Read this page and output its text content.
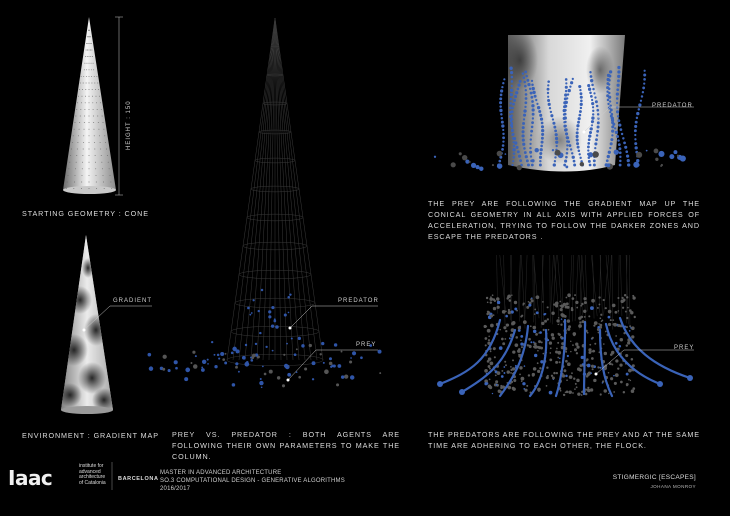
HEIGHT : 150
STARTING GEOMETRY : CONE
GRADIENT
ENVIRONMENT : GRADIENT MAP
PREDATOR
PREY
PREY VS. PREDATOR : BOTH AGENTS ARE FOLLOWING THEIR OWN PARAMETERS TO MAKE THE COLUMN.
PREDATOR
THE PREY ARE FOLLOWING THE GRADIENT MAP UP THE CONICAL GEOMETRY IN ALL AXIS WITH APPLIED FORCES OF ACCELERATION, TRYING TO FOLLOW THE DARKER ZONES AND ESCAPE THE PREDATORS .
PREY
THE PREDATORS ARE FOLLOWING THE PREY AND AT THE SAME TIME ARE ADHERING TO EACH OTHER, THE FLOCK.
Iaac	institute for
advanced
architecture
of Catalonia
BARCELONA
MASTER IN ADVANCED ARCHITECTURE
SO.3 COMPUTATIONAL DESIGN - GENERATIVE ALGORITHMS
2016/2017
STIGMERGIC [ESCAPES]
JOHANA MONROY
